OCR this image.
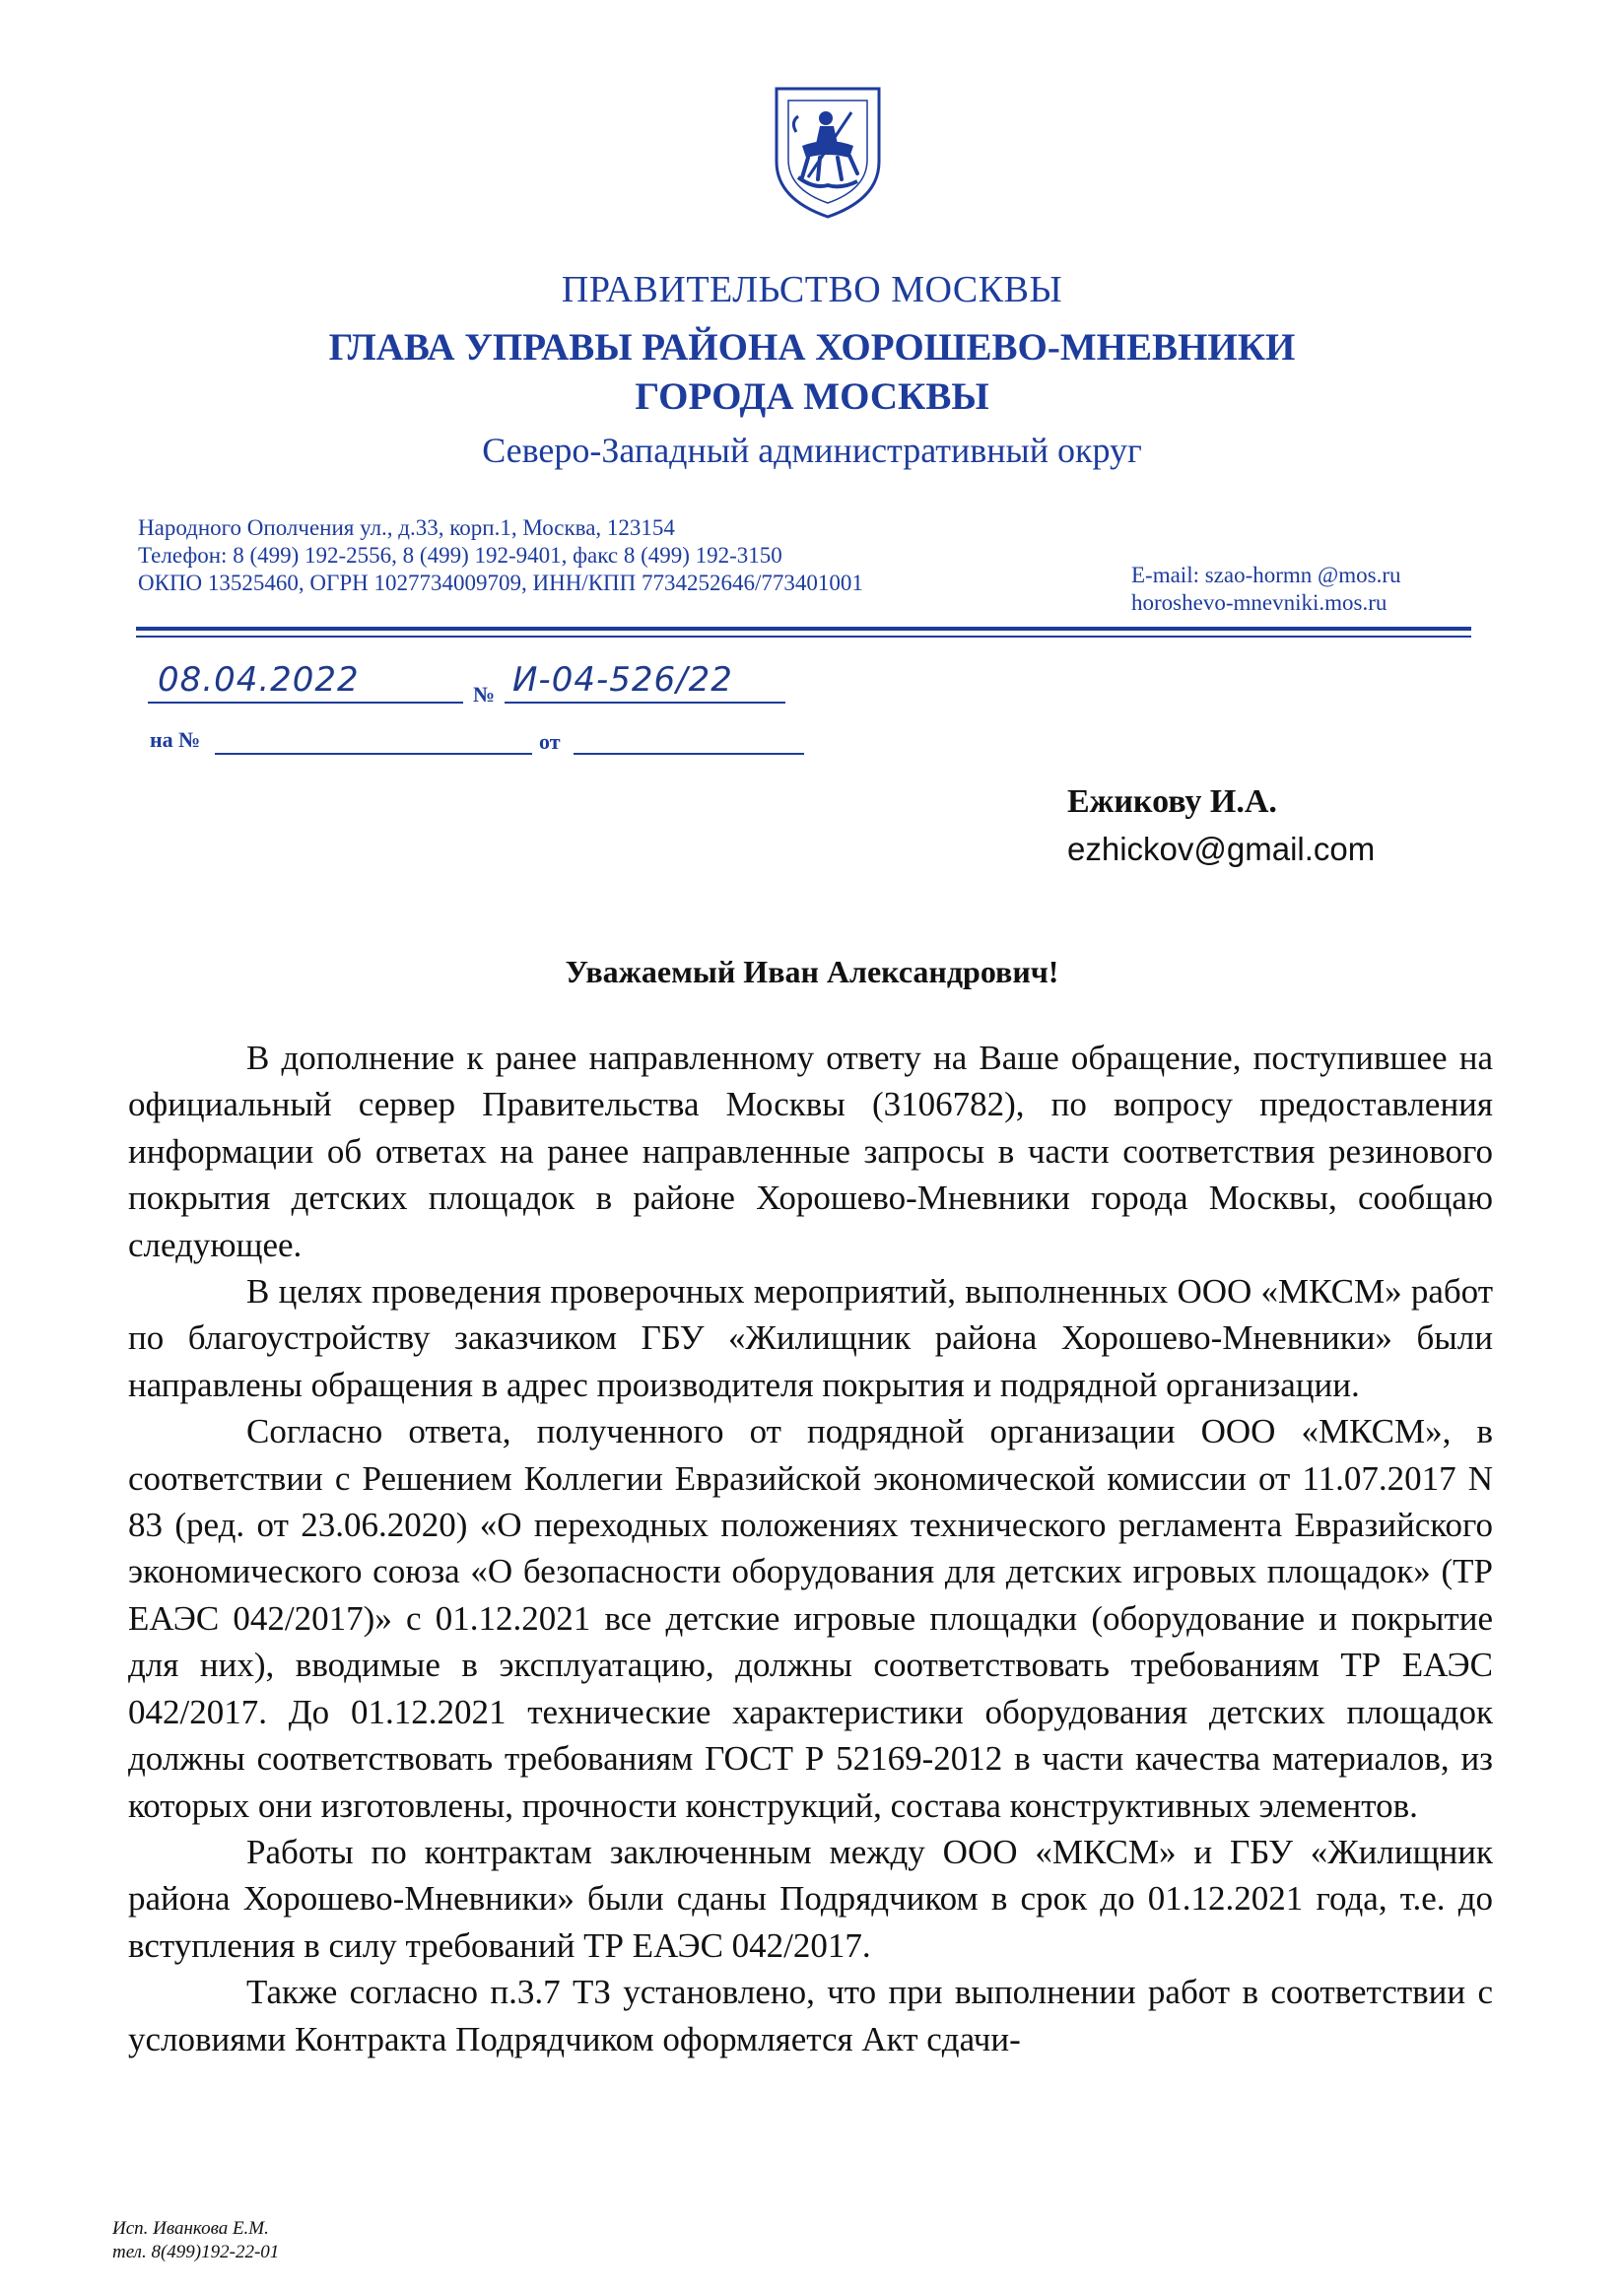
ПРАВИТЕЛЬСТВО МОСКВЫ
ГЛАВА УПРАВЫ РАЙОНА ХОРОШЕВО-МНЕВНИКИ
ГОРОДА МОСКВЫ
Северо-Западный административный округ
Народного Ополчения ул., д.33, корп.1, Москва, 123154
Телефон: 8 (499) 192-2556, 8 (499) 192-9401, факс 8 (499) 192-3150
ОКПО 13525460, ОГРН 1027734009709, ИНН/КПП 7734252646/773401001	E-mail: szao-hormn @mos.ru
horoshevo-mnevniki.mos.ru
08.04.2022	№ И-04-526/22
на №	от
Ежикову И.А.
ezhickov@gmail.com
Уважаемый Иван Александрович!

В дополнение к ранее направленному ответу на Ваше обращение, поступившее на официальный сервер Правительства Москвы (3106782), по вопросу предоставления информации об ответах на ранее направленные запросы в части соответствия резинового покрытия детских площадок в районе Хорошево-Мневники города Москвы, сообщаю следующее.

В целях проведения проверочных мероприятий, выполненных ООО «МКСМ» работ по благоустройству заказчиком ГБУ «Жилищник района Хорошево-Мневники» были направлены обращения в адрес производителя покрытия и подрядной организации.

Согласно ответа, полученного от подрядной организации ООО «МКСМ», в соответствии с Решением Коллегии Евразийской экономической комиссии от 11.07.2017 N 83 (ред. от 23.06.2020) «О переходных положениях технического регламента Евразийского экономического союза «О безопасности оборудования для детских игровых площадок» (ТР ЕАЭС 042/2017)» с 01.12.2021 все детские игровые площадки (оборудование и покрытие для них), вводимые в эксплуатацию, должны соответствовать требованиям ТР ЕАЭС 042/2017. До 01.12.2021 технические характеристики оборудования детских площадок должны соответствовать требованиям ГОСТ Р 52169-2012 в части качества материалов, из которых они изготовлены, прочности конструкций, состава конструктивных элементов.

Работы по контрактам заключенным между ООО «МКСМ» и ГБУ «Жилищник района Хорошево-Мневники» были сданы Подрядчиком в срок до 01.12.2021 года, т.е. до вступления в силу требований ТР ЕАЭС 042/2017.

Также согласно п.3.7 ТЗ установлено, что при выполнении работ в соответствии с условиями Контракта Подрядчиком оформляется Акт сдачи-

Исп. Иванкова Е.М.
тел. 8(499)192-22-01
